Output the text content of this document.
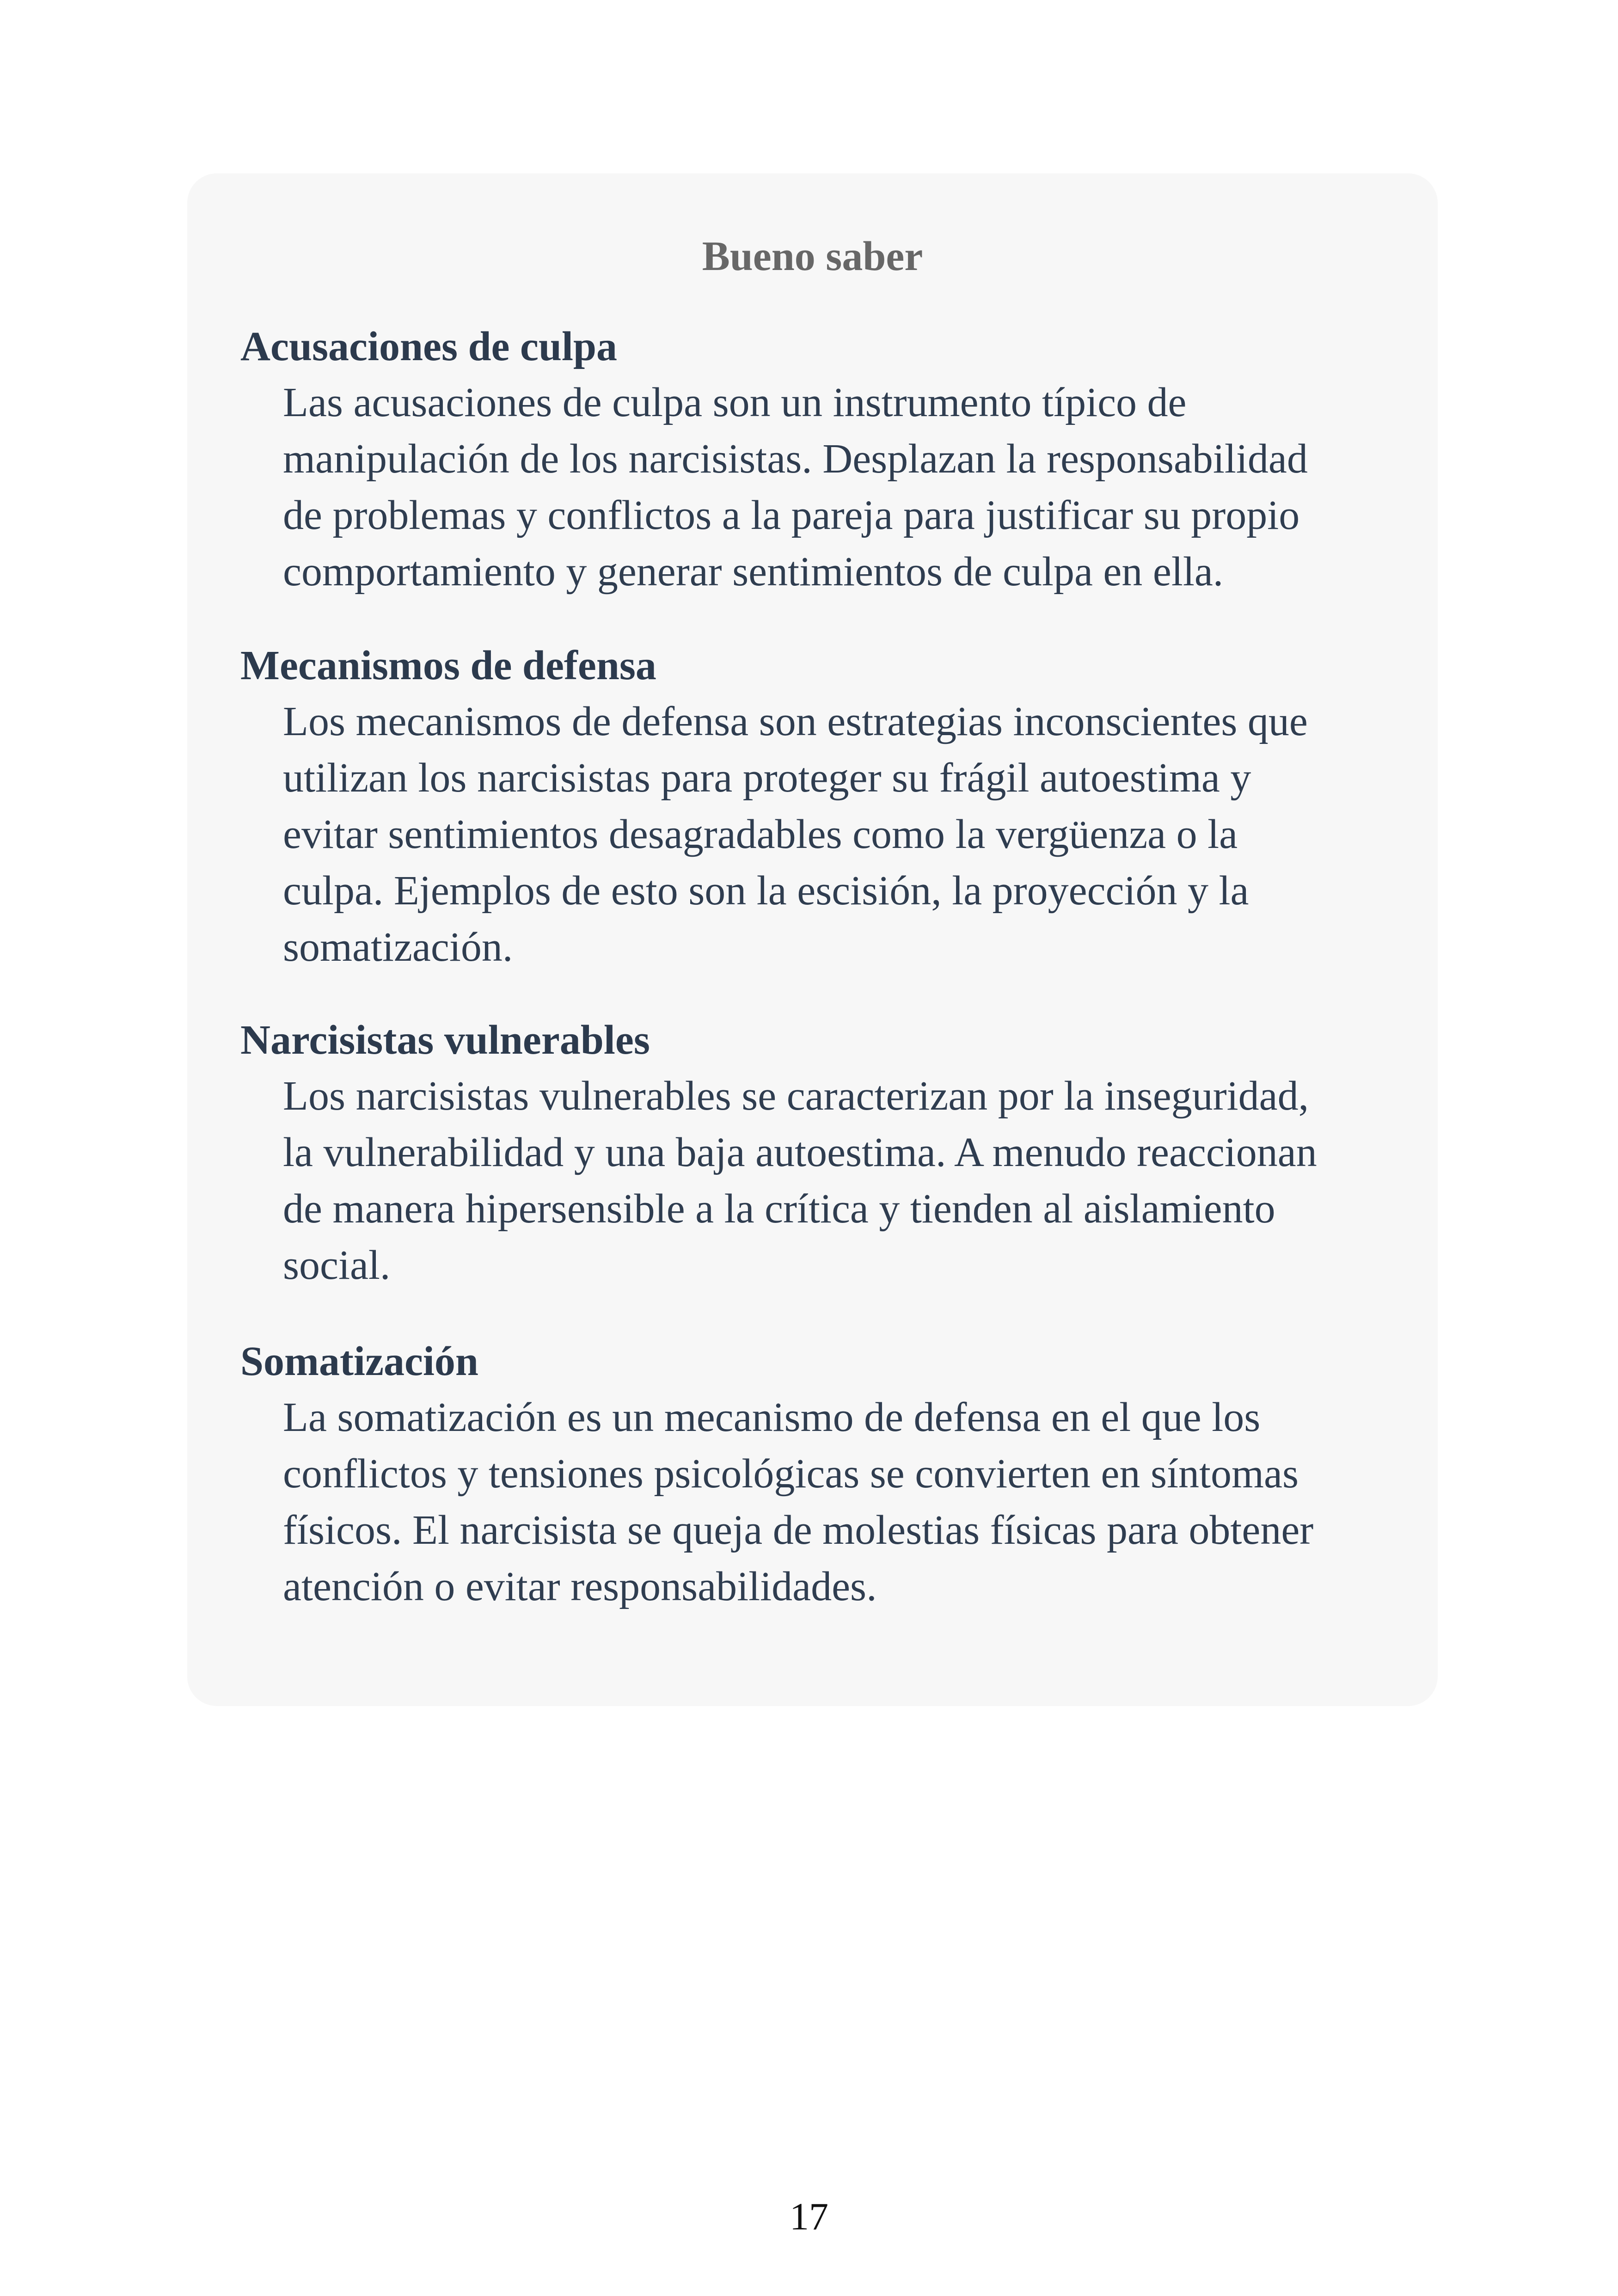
Bueno saber

Acusaciones de culpa

Las acusaciones de culpa son un instrumento típico de
manipulación de los narcisistas. Desplazan la responsabilidad
de problemas y conflictos a la pareja para justificar su propio
comportamiento y generar sentimientos de culpa en ella.

Mecanismos de defensa

Los mecanismos de defensa son estrategias inconscientes que
utilizan los narcisistas para proteger su frágil autoestima y
evitar sentimientos desagradables como la vergüenza o la
culpa. Ejemplos de esto son la escisión, la proyección y la
somatización.

Narcisistas vulnerables

Los narcisistas vulnerables se caracterizan por la inseguridad,
la vulnerabilidad y una baja autoestima. A menudo reaccionan
de manera hipersensible a la crítica y tienden al aislamiento
social.

Somatización

La somatización es un mecanismo de defensa en el que los
conflictos y tensiones psicológicas se convierten en síntomas
físicos. El narcisista se queja de molestias físicas para obtener
atención o evitar responsabilidades.

17
